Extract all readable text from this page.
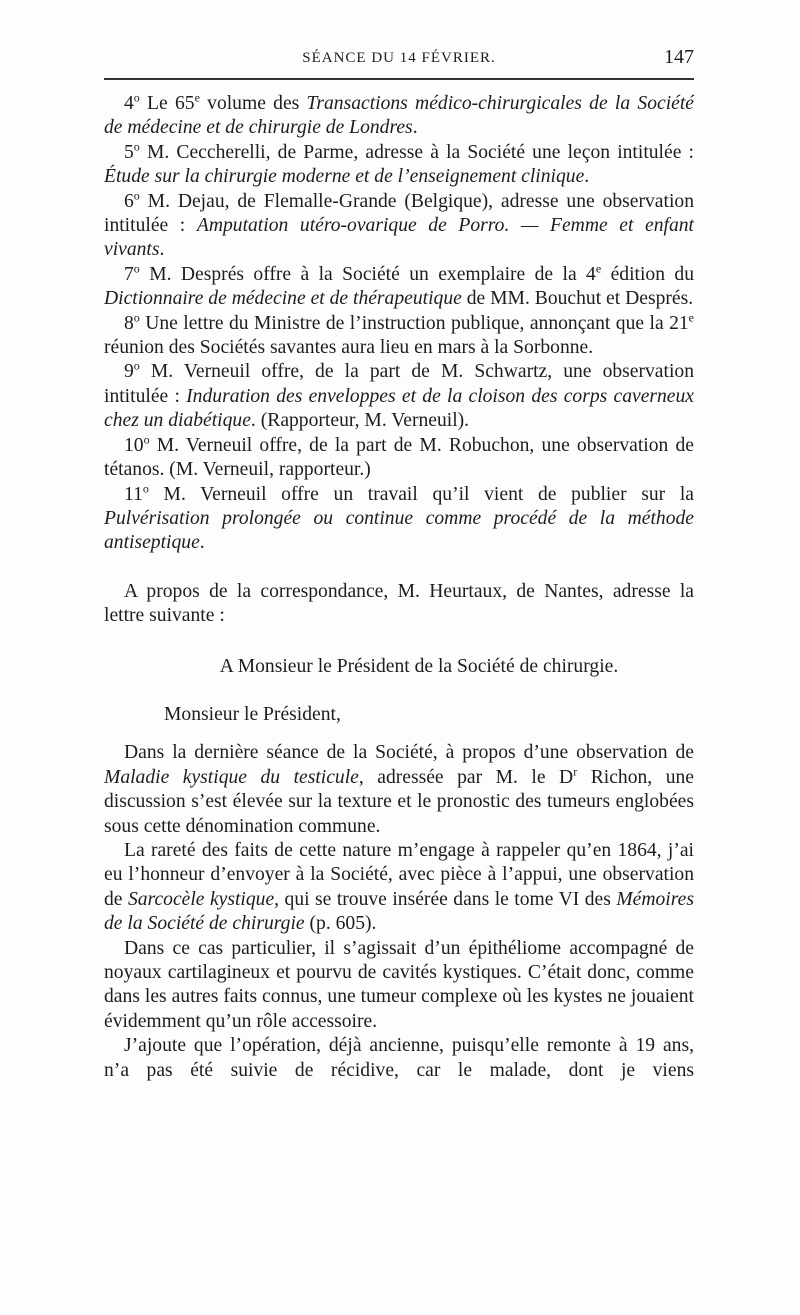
SÉANCE DU 14 FÉVRIER.	147

4$^o$ Le 65e volume des Transactions médico-chirurgicales de la Société de médecine et de chirurgie de Londres.

5$^o$ M. Ceccherelli, de Parme, adresse à la Société une leçon intitulée : Étude sur la chirurgie moderne et de l’enseignement clinique.

6$^o$ M. Dejau, de Flemalle-Grande (Belgique), adresse une observation intitulée : Amputation utéro-ovarique de Porro. — Femme et enfant vivants.

7$^o$ M. Després offre à la Société un exemplaire de la 4e édition du Dictionnaire de médecine et de thérapeutique de MM. Bouchut et Després.

8$^o$ Une lettre du Ministre de l’instruction publique, annonçant que la 21e réunion des Sociétés savantes aura lieu en mars à la Sorbonne.

9$^o$ M. Verneuil offre, de la part de M. Schwartz, une observation intitulée : Induration des enveloppes et de la cloison des corps caverneux chez un diabétique. (Rapporteur, M. Verneuil).

10$^o$ M. Verneuil offre, de la part de M. Robuchon, une observation de tétanos. (M. Verneuil, rapporteur.)

11$^o$ M. Verneuil offre un travail qu’il vient de publier sur la Pulvérisation prolongée ou continue comme procédé de la méthode antiseptique.

A propos de la correspondance, M. Heurtaux, de Nantes, adresse la lettre suivante :

A Monsieur le Président de la Société de chirurgie.

Monsieur le Président,

Dans la dernière séance de la Société, à propos d’une observation de Maladie kystique du testicule, adressée par M. le $D^r$ Richon, une discussion s’est élevée sur la texture et le pronostic des tumeurs englobées sous cette dénomination commune.

La rareté des faits de cette nature m’engage à rappeler qu’en 1864, j’ai eu l’honneur d’envoyer à la Société, avec pièce à l’appui, une observation de Sarcocèle kystique, qui se trouve insérée dans le tome VI des Mémoires de la Société de chirurgie (p. 605).

Dans ce cas particulier, il s’agissait d’un épithéliome accompagné de noyaux cartilagineux et pourvu de cavités kystiques. C’était donc, comme dans les autres faits connus, une tumeur complexe où les kystes ne jouaient évidemment qu’un rôle accessoire.

J’ajoute que l’opération, déjà ancienne, puisqu’elle remonte à 19 ans, n’a pas été suivie de récidive, car le malade, dont je viens
